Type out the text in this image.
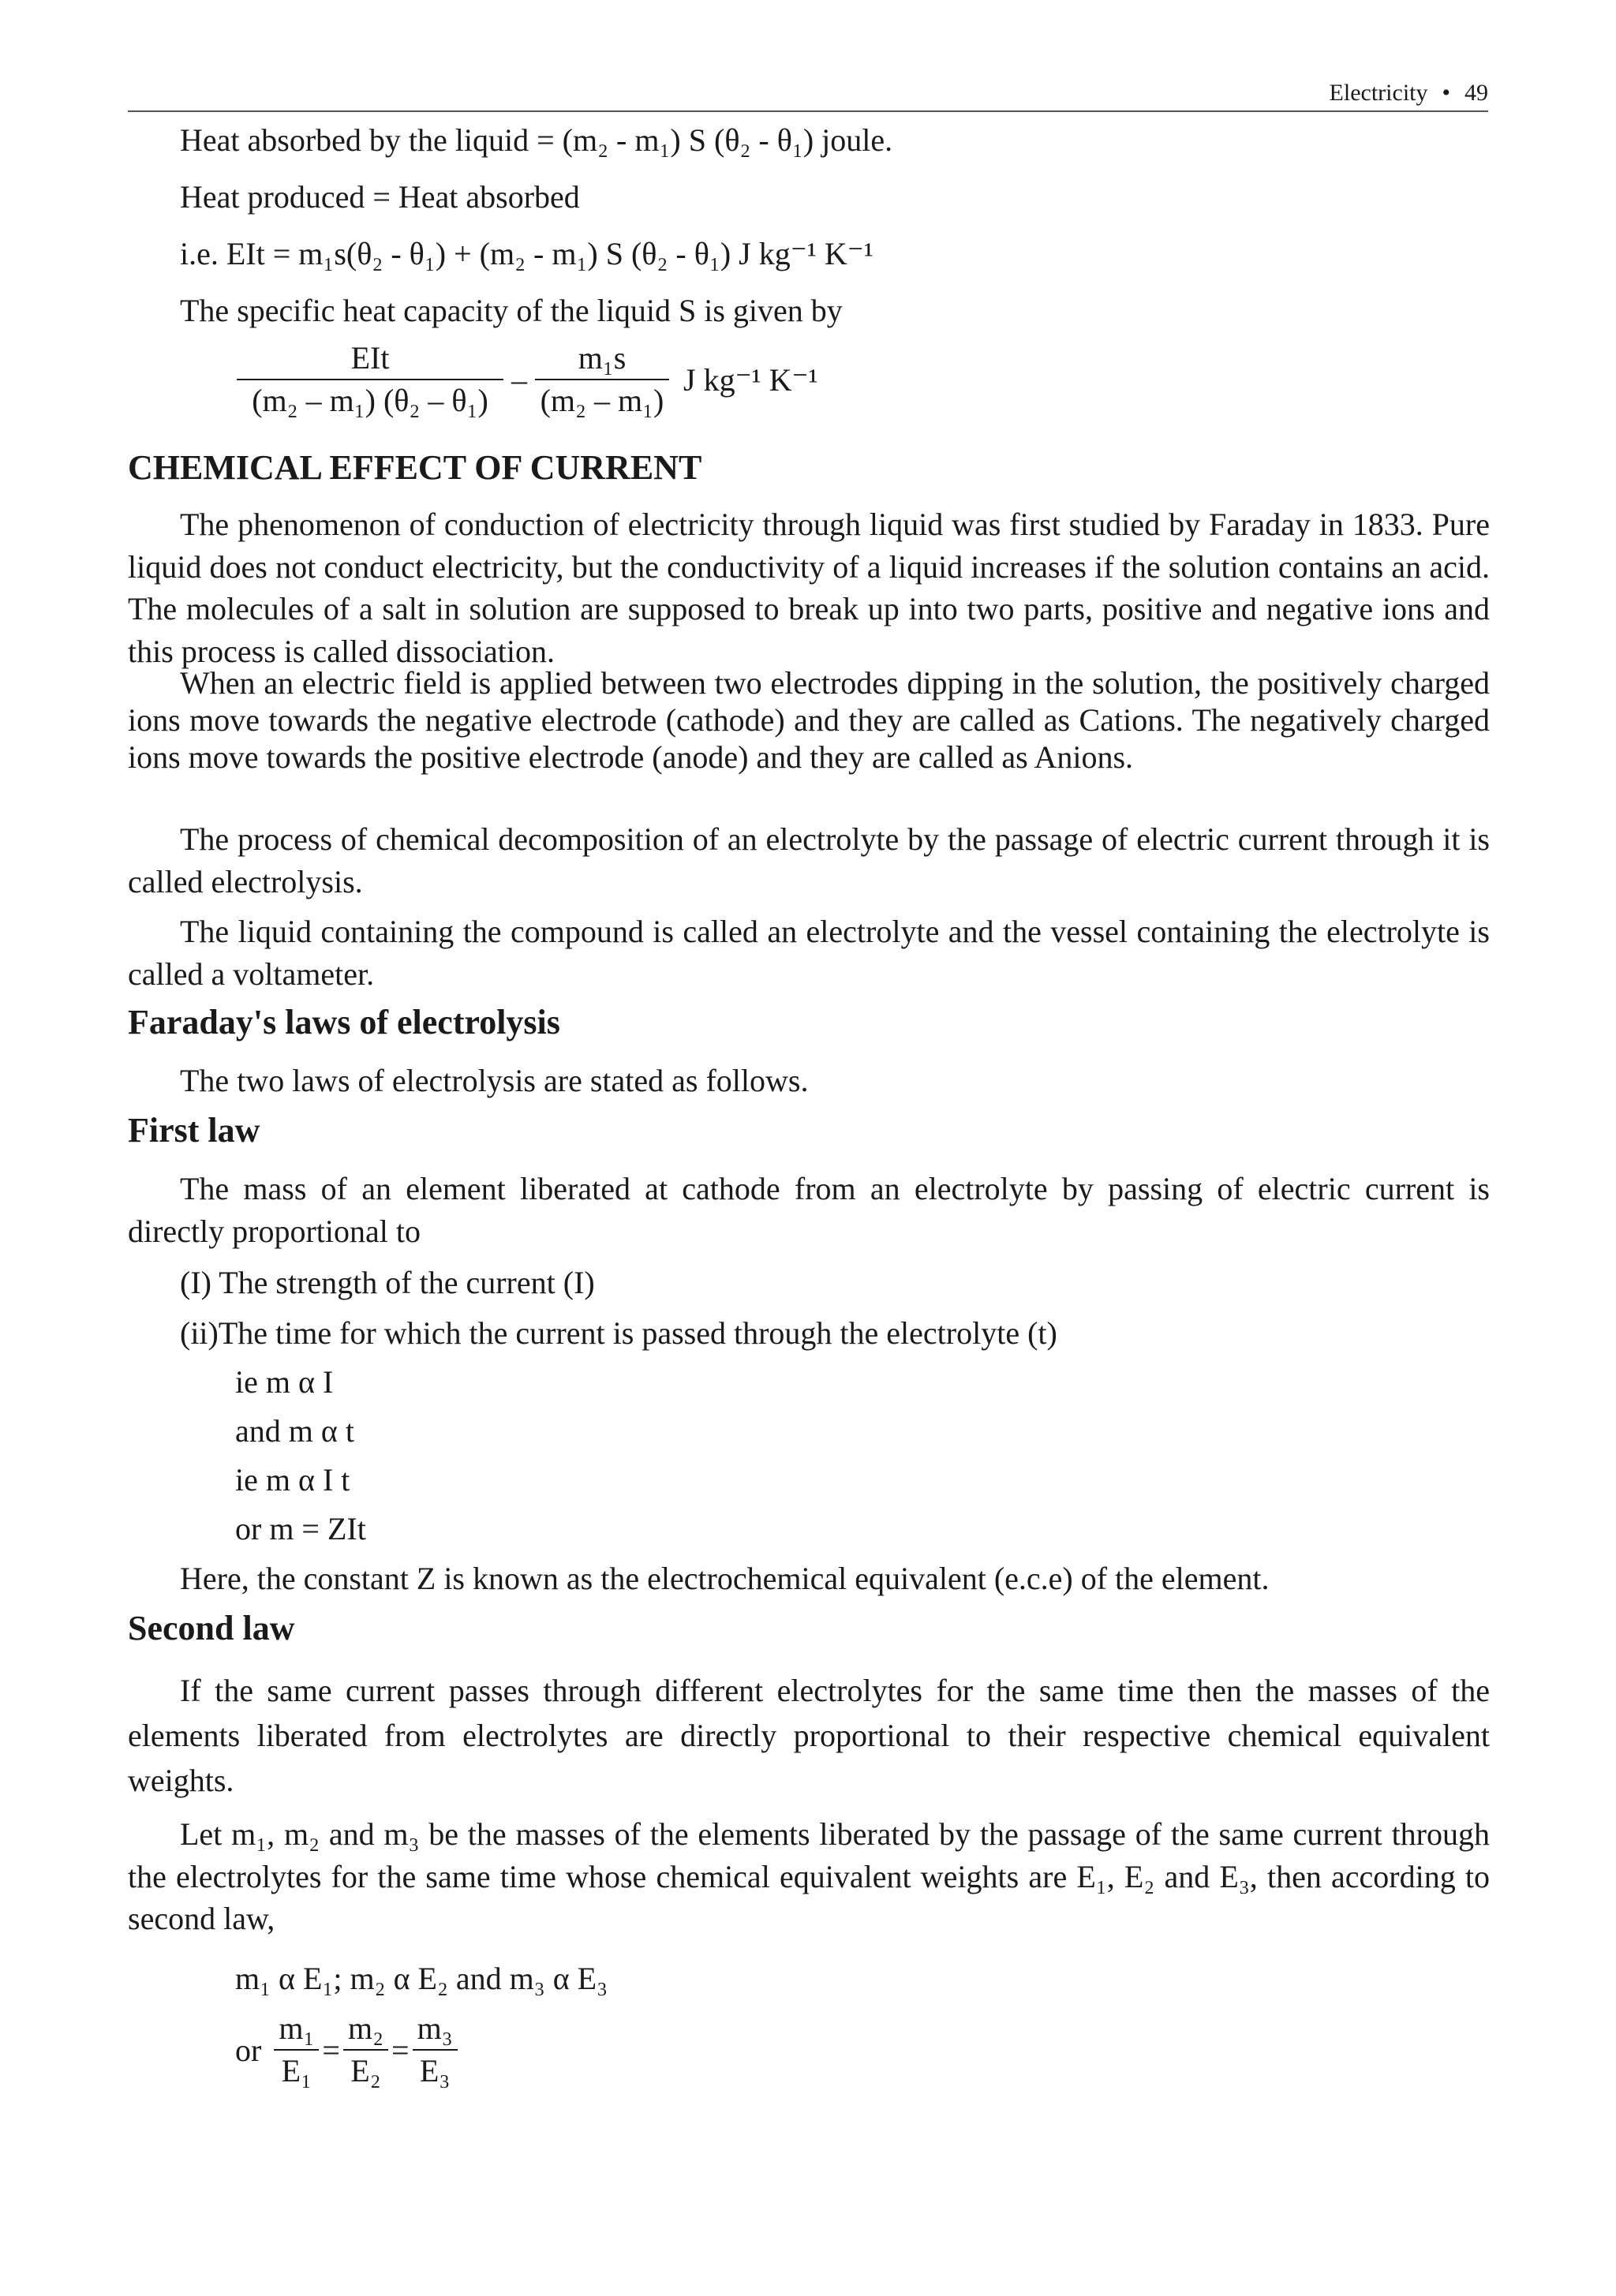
Electricity • 49
Heat absorbed by the liquid = (m₂ - m₁) S (θ₂ - θ₁) joule.
Heat produced = Heat absorbed
i.e. EIt = m₁s(θ₂ - θ₁) + (m₂ - m₁) S (θ₂ - θ₁) J kg⁻¹ K⁻¹
The specific heat capacity of the liquid S is given by
$\frac{\text{EIt}}{\text{(m₂ – m₁) (θ₂ – θ₁)}} - \frac{\text{m₁s}}{\text{(m₂ – m₁)}}$ J kg⁻¹ K⁻¹
CHEMICAL EFFECT OF CURRENT
The phenomenon of conduction of electricity through liquid was first studied by Faraday in 1833. Pure liquid does not conduct electricity, but the conductivity of a liquid increases if the solution contains an acid. The molecules of a salt in solution are supposed to break up into two parts, positive and negative ions and this process is called dissociation.
When an electric field is applied between two electrodes dipping in the solution, the positively charged ions move towards the negative electrode (cathode) and they are called as Cations. The negatively charged ions move towards the positive electrode (anode) and they are called as Anions.
The process of chemical decomposition of an electrolyte by the passage of electric current through it is called electrolysis.
The liquid containing the compound is called an electrolyte and the vessel containing the electrolyte is called a voltameter.
Faraday's laws of electrolysis
The two laws of electrolysis are stated as follows.
First law
The mass of an element liberated at cathode from an electrolyte by passing of electric current is directly proportional to
(I) The strength of the current (I)
(ii)The time for which the current is passed through the electrolyte (t)
ie m α I
and m α t
ie m α I t
or m = ZIt
Here, the constant Z is known as the electrochemical equivalent (e.c.e) of the element.
Second law
If the same current passes through different electrolytes for the same time then the masses of the elements liberated from electrolytes are directly proportional to their respective chemical equivalent weights.
Let m₁, m₂ and m₃ be the masses of the elements liberated by the passage of the same current through the electrolytes for the same time whose chemical equivalent weights are E₁, E₂ and E₃, then according to second law,
m₁ α E₁; m₂ α E₂ and m₃ α E₃
or $\frac{\text{m₁}}{\text{E₁}} = \frac{\text{m₂}}{\text{E₂}} = \frac{\text{m₃}}{\text{E₃}}$
